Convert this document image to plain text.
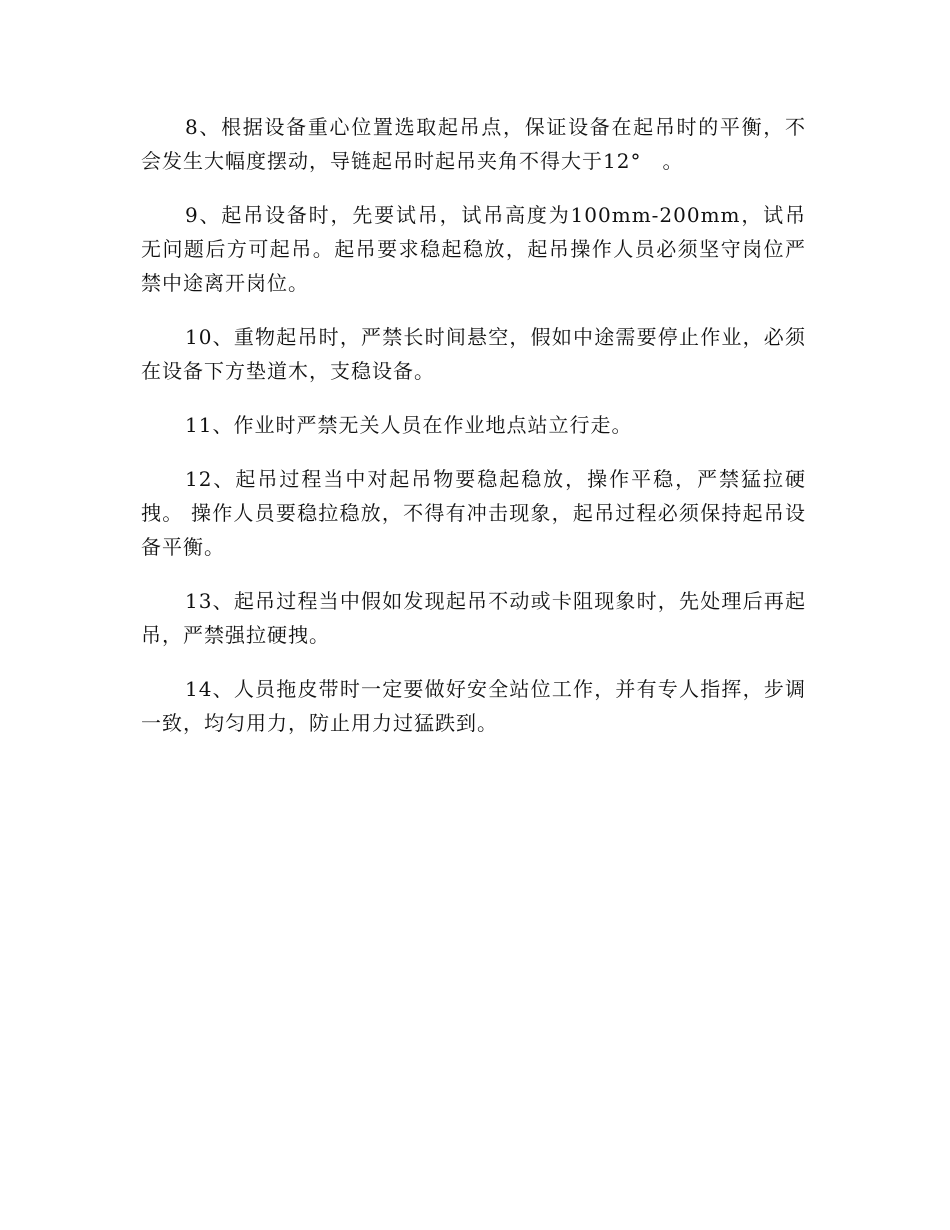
8、根据设备重心位置选取起吊点，保证设备在起吊时的平衡，不会发生大幅度摆动，导链起吊时起吊夹角不得大于12°　。

9、起吊设备时，先要试吊，试吊高度为100mm-200mm，试吊无问题后方可起吊。起吊要求稳起稳放，起吊操作人员必须坚守岗位严禁中途离开岗位。

10、重物起吊时，严禁长时间悬空，假如中途需要停止作业，必须在设备下方垫道木，支稳设备。

11、作业时严禁无关人员在作业地点站立行走。

12、起吊过程当中对起吊物要稳起稳放，操作平稳，严禁猛拉硬拽。 操作人员要稳拉稳放，不得有冲击现象，起吊过程必须保持起吊设备平衡。

13、起吊过程当中假如发现起吊不动或卡阻现象时，先处理后再起吊，严禁强拉硬拽。

14、人员拖皮带时一定要做好安全站位工作，并有专人指挥，步调一致，均匀用力，防止用力过猛跌到。
